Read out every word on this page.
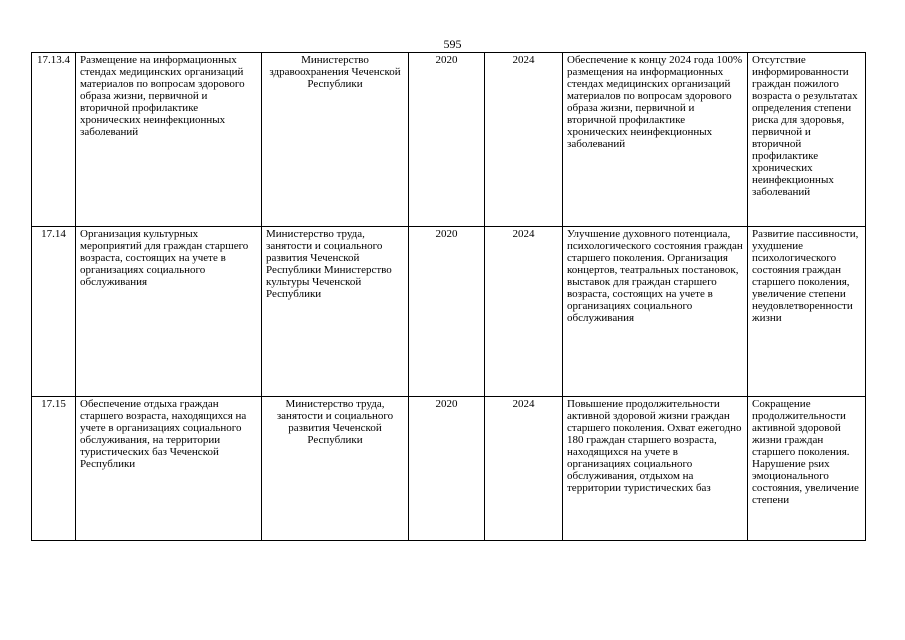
595
17.13.4	Размещение на информационных стендах медицинских организаций материалов по вопросам здорового образа жизни, первичной и вторичной профилактике хронических неинфекционных заболеваний	Министерство здравоохранения Чеченской Республики	2020	2024	Обеспечение к концу 2024 года 100% размещения на информационных стендах медицинских организаций материалов по вопросам здорового образа жизни, первичной и вторичной профилактике хронических неинфекционных заболеваний	Отсутствие информированности граждан пожилого возраста о результатах определения степени риска для здоровья, первичной и вторичной профилактике хронических неинфекционных заболеваний
17.14	Организация культурных мероприятий для граждан старшего возраста, состоящих на учете в организациях социального обслуживания	Министерство труда, занятости и социального развития Чеченской Республики Министерство культуры Чеченской Республики	2020	2024	Улучшение духовного потенциала, психологического состояния граждан старшего поколения. Организация концертов, театральных постановок, выставок для граждан старшего возраста, состоящих на учете в организациях социального обслуживания	Развитие пассивности, ухудшение психологического состояния граждан старшего поколения, увеличение степени неудовлетворенности жизни
17.15	Обеспечение отдыха граждан старшего возраста, находящихся на учете в организациях социального обслуживания, на территории туристических баз Чеченской Республики	Министерство труда, занятости и социального развития Чеченской Республики	2020	2024	Повышение продолжительности активной здоровой жизни граждан старшего поколения. Охват ежегодно 180 граждан старшего возраста, находящихся на учете в организациях социального обслуживания, отдыхом на территории туристических баз	Сокращение продолжительности активной здоровой жизни граждан старшего поколения. Нарушение psих эмоционального состояния, увеличение степени
